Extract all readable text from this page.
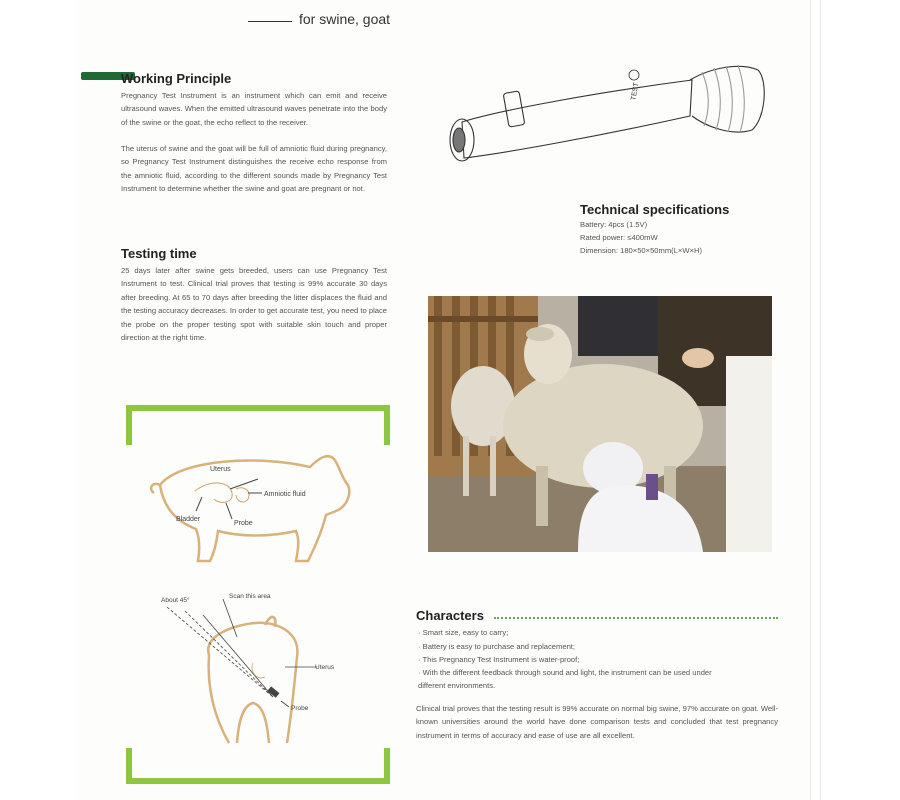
for swine, goat
Working Principle

Pregnancy Test Instrument is an instrument which can emit and receive ultrasound waves. When the emitted ultrasound waves penetrate into the body of the swine or the goat, the echo reflect to the receiver.

The uterus of swine and the goat will be full of amniotic fluid during pregnancy, so Pregnancy Test Instrument distinguishes the receive echo response from the amniotic fluid, according to the different sounds made by Pregnancy Test Instrument to determine whether the swine and goat are pregnant or not.

Testing time

25 days later after swine gets breeded, users can use Pregnancy Test Instrument to test. Clinical trial proves that testing is 99% accurate 30 days after breeding. At 65 to 70 days after breeding the litter displaces the fluid and the testing accuracy decreases. In order to get accurate test, you need to place the probe on the proper testing spot with suitable skin touch and proper direction at the right time.

TEST
Technical specifications
Battery: 4pcs (1.5V)
Rated power: ≤400mW
Dimension: 180×50×50mm(L×W×H)
Uterus
Amniotic fluid
Bladder
Probe
About 45°
Scan this area
Uterus
Probe
Characters
· Smart size, easy to carry;
· Battery is easy to purchase and replacement;
· This Pregnancy Test Instrument is water-proof;
· With the different feedback through sound and light, the instrument can be used under
different environments.

Clinical trial proves that the testing result is 99% accurate on normal big swine, 97% accurate on goat. Well-known universities around the world have done comparison tests and concluded that test pregnancy instrument in terms of accuracy and ease of use are all excellent.
